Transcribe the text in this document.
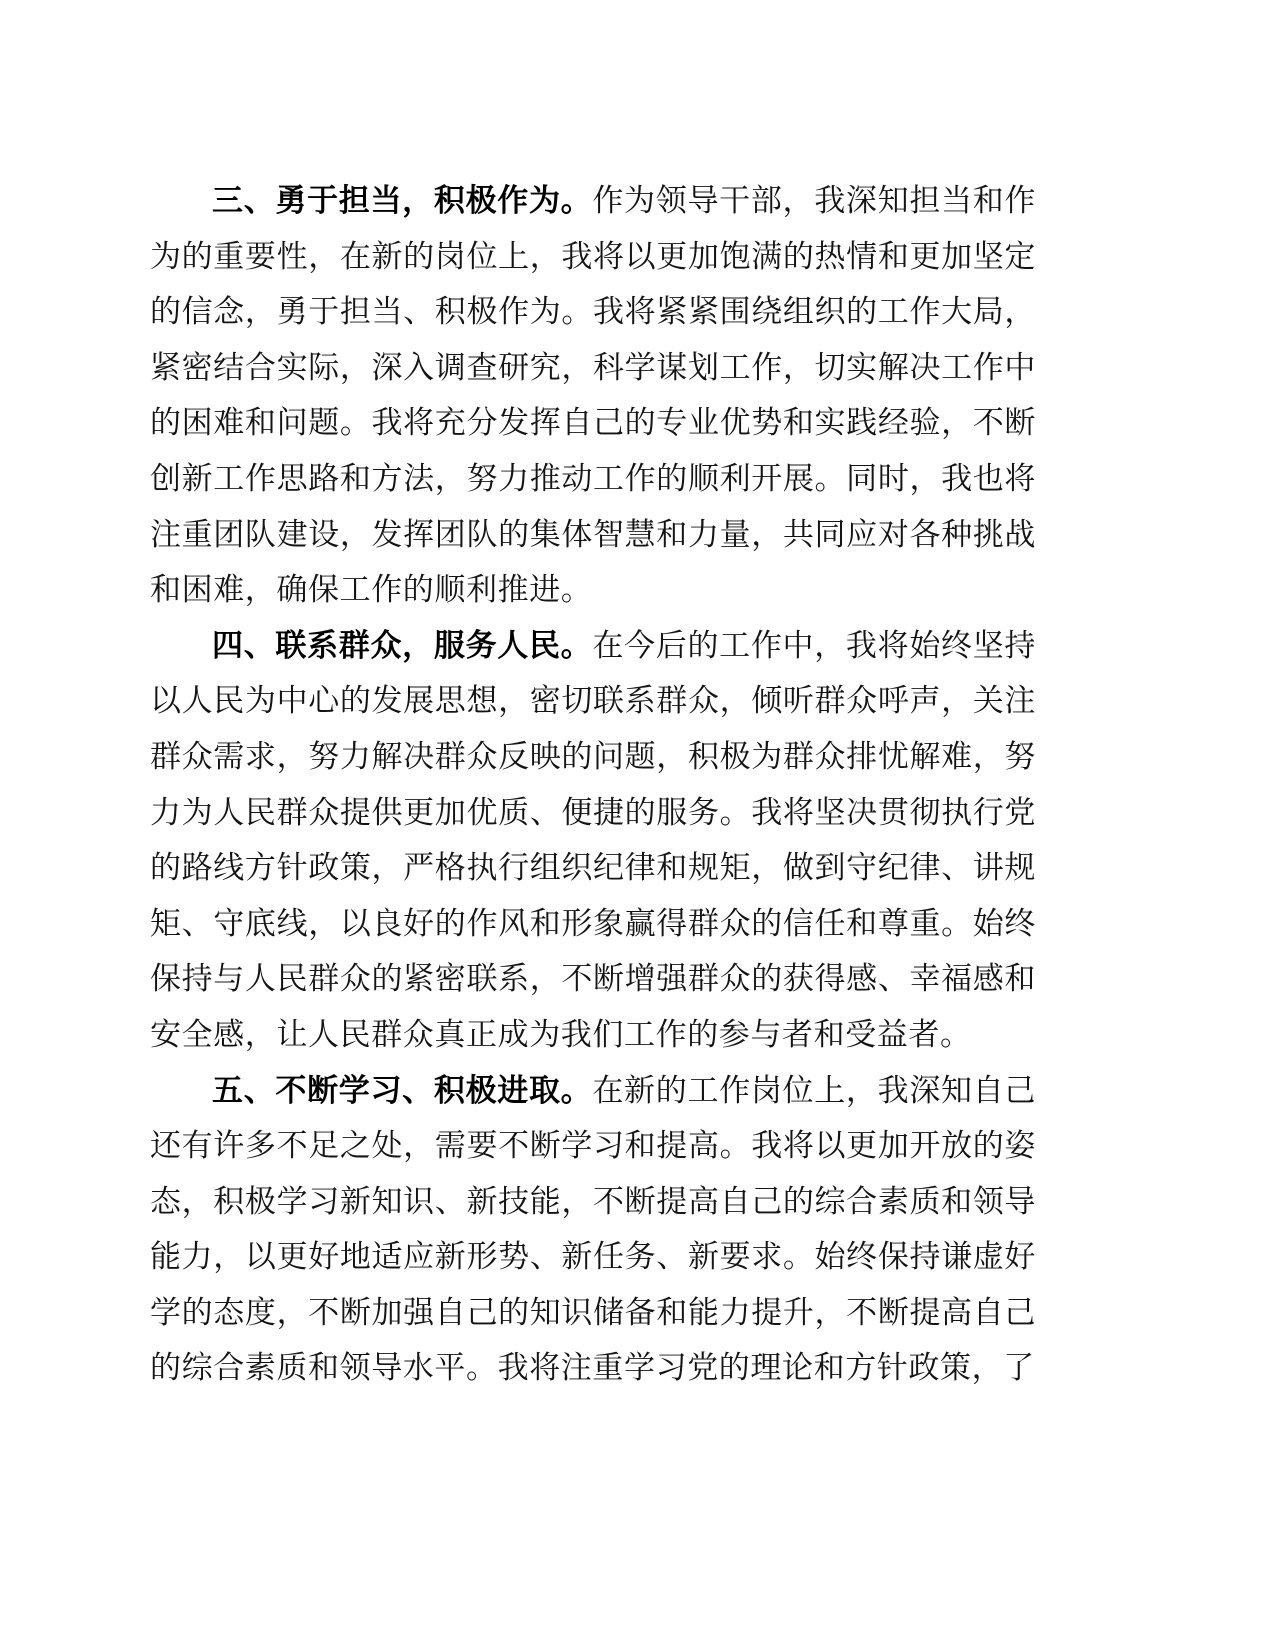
三、勇于担当，积极作为。作为领导干部，我深知担当和作为的重要性，在新的岗位上，我将以更加饱满的热情和更加坚定的信念，勇于担当、积极作为。我将紧紧围绕组织的工作大局，紧密结合实际，深入调查研究，科学谋划工作，切实解决工作中的困难和问题。我将充分发挥自己的专业优势和实践经验，不断创新工作思路和方法，努力推动工作的顺利开展。同时，我也将注重团队建设，发挥团队的集体智慧和力量，共同应对各种挑战和困难，确保工作的顺利推进。

四、联系群众，服务人民。在今后的工作中，我将始终坚持以人民为中心的发展思想，密切联系群众，倾听群众呼声，关注群众需求，努力解决群众反映的问题，积极为群众排忧解难，努力为人民群众提供更加优质、便捷的服务。我将坚决贯彻执行党的路线方针政策，严格执行组织纪律和规矩，做到守纪律、讲规矩、守底线，以良好的作风和形象赢得群众的信任和尊重。始终保持与人民群众的紧密联系，不断增强群众的获得感、幸福感和安全感，让人民群众真正成为我们工作的参与者和受益者。

五、不断学习、积极进取。在新的工作岗位上，我深知自己还有许多不足之处，需要不断学习和提高。我将以更加开放的姿态，积极学习新知识、新技能，不断提高自己的综合素质和领导能力，以更好地适应新形势、新任务、新要求。始终保持谦虚好学的态度，不断加强自己的知识储备和能力提升，不断提高自己的综合素质和领导水平。我将注重学习党的理论和方针政策，了
